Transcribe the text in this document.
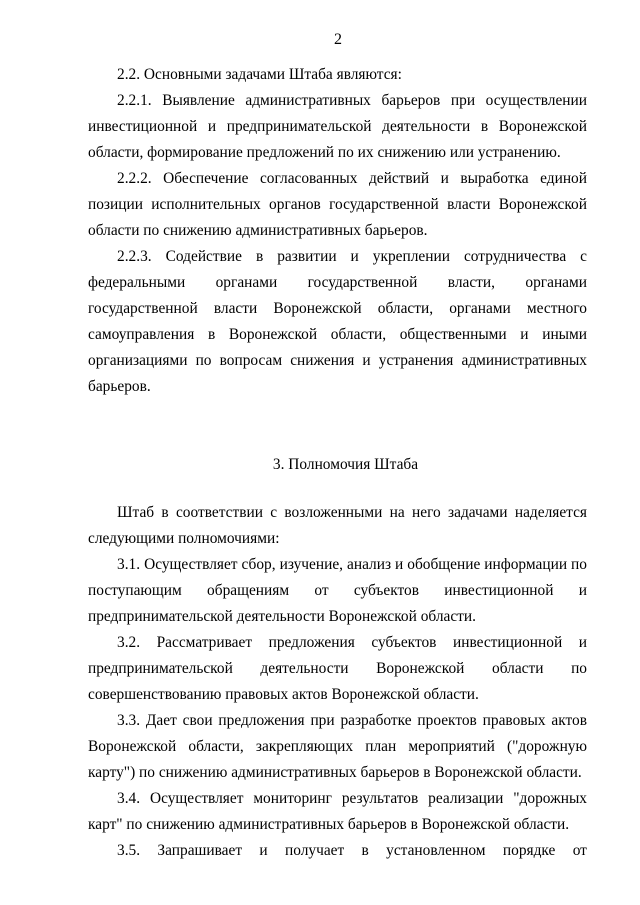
2

2.2. Основными задачами Штаба являются:

2.2.1. Выявление административных барьеров при осуществлении инвестиционной и предпринимательской деятельности в Воронежской области, формирование предложений по их снижению или устранению.

2.2.2. Обеспечение согласованных действий и выработка единой позиции исполнительных органов государственной власти Воронежской области по снижению административных барьеров.

2.2.3. Содействие в развитии и укреплении сотрудничества с федеральными органами государственной власти, органами государственной власти Воронежской области, органами местного самоуправления в Воронежской области, общественными и иными организациями по вопросам снижения и устранения административных барьеров.

3. Полномочия Штаба

Штаб в соответствии с возложенными на него задачами наделяется следующими полномочиями:

3.1. Осуществляет сбор, изучение, анализ и обобщение информации по поступающим обращениям от субъектов инвестиционной и предпринимательской деятельности Воронежской области.

3.2. Рассматривает предложения субъектов инвестиционной и предпринимательской деятельности Воронежской области по совершенствованию правовых актов Воронежской области.

3.3. Дает свои предложения при разработке проектов правовых актов Воронежской области, закрепляющих план мероприятий ("дорожную карту") по снижению административных барьеров в Воронежской области.

3.4. Осуществляет мониторинг результатов реализации "дорожных карт" по снижению административных барьеров в Воронежской области.

3.5. Запрашивает и получает в установленном порядке от
